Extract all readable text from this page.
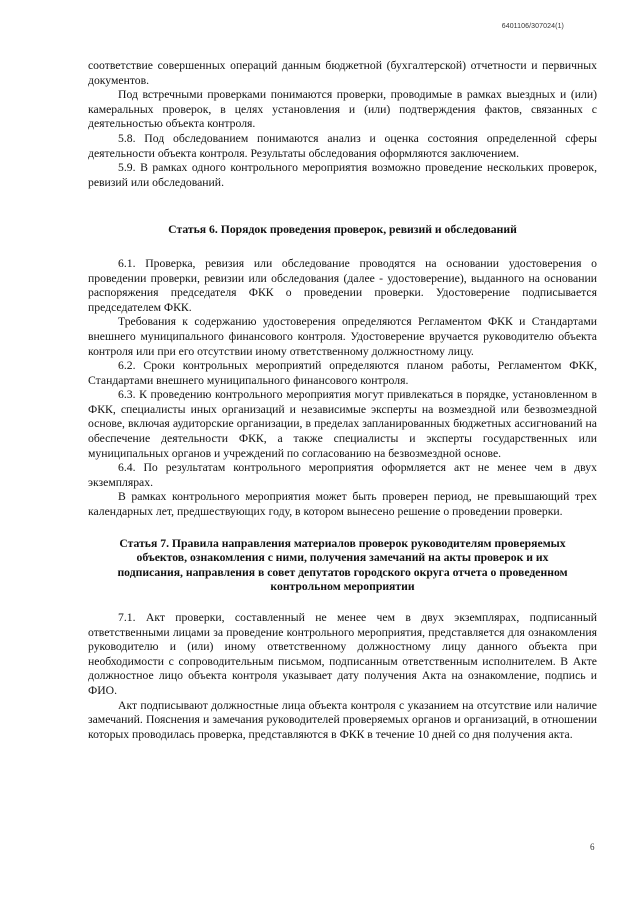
6401106/307024(1)

соответствие совершенных операций данным бюджетной (бухгалтерской) отчетности и первичных документов.

Под встречными проверками понимаются проверки, проводимые в рамках выездных и (или) камеральных проверок, в целях установления и (или) подтверждения фактов, связанных с деятельностью объекта контроля.

5.8. Под обследованием понимаются анализ и оценка состояния определенной сферы деятельности объекта контроля. Результаты обследования оформляются заключением.

5.9. В рамках одного контрольного мероприятия возможно проведение нескольких проверок, ревизий или обследований.

Статья 6. Порядок проведения проверок, ревизий и обследований

6.1. Проверка, ревизия или обследование проводятся на основании удостоверения о проведении проверки, ревизии или обследования (далее - удостоверение), выданного на основании распоряжения председателя ФКК о проведении проверки. Удостоверение подписывается председателем ФКК.

Требования к содержанию удостоверения определяются Регламентом ФКК и Стандартами внешнего муниципального финансового контроля. Удостоверение вручается руководителю объекта контроля или при его отсутствии иному ответственному должностному лицу.

6.2. Сроки контрольных мероприятий определяются планом работы, Регламентом ФКК, Стандартами внешнего муниципального финансового контроля.

6.3. К проведению контрольного мероприятия могут привлекаться в порядке, установленном в ФКК, специалисты иных организаций и независимые эксперты на возмездной или безвозмездной основе, включая аудиторские организации, в пределах запланированных бюджетных ассигнований на обеспечение деятельности ФКК, а также специалисты и эксперты государственных или муниципальных органов и учреждений по согласованию на безвозмездной основе.

6.4. По результатам контрольного мероприятия оформляется акт не менее чем в двух экземплярах.

В рамках контрольного мероприятия может быть проверен период, не превышающий трех календарных лет, предшествующих году, в котором вынесено решение о проведении проверки.

Статья 7. Правила направления материалов проверок руководителям проверяемых объектов, ознакомления с ними, получения замечаний на акты проверок и их подписания, направления в совет депутатов городского округа отчета о проведенном контрольном мероприятии

7.1. Акт проверки, составленный не менее чем в двух экземплярах, подписанный ответственными лицами за проведение контрольного мероприятия, представляется для ознакомления руководителю и (или) иному ответственному должностному лицу данного объекта при необходимости с сопроводительным письмом, подписанным ответственным исполнителем. В Акте должностное лицо объекта контроля указывает дату получения Акта на ознакомление, подпись и ФИО.

Акт подписывают должностные лица объекта контроля с указанием на отсутствие или наличие замечаний. Пояснения и замечания руководителей проверяемых органов и организаций, в отношении которых проводилась проверка, представляются в ФКК в течение 10 дней со дня получения акта.

6
